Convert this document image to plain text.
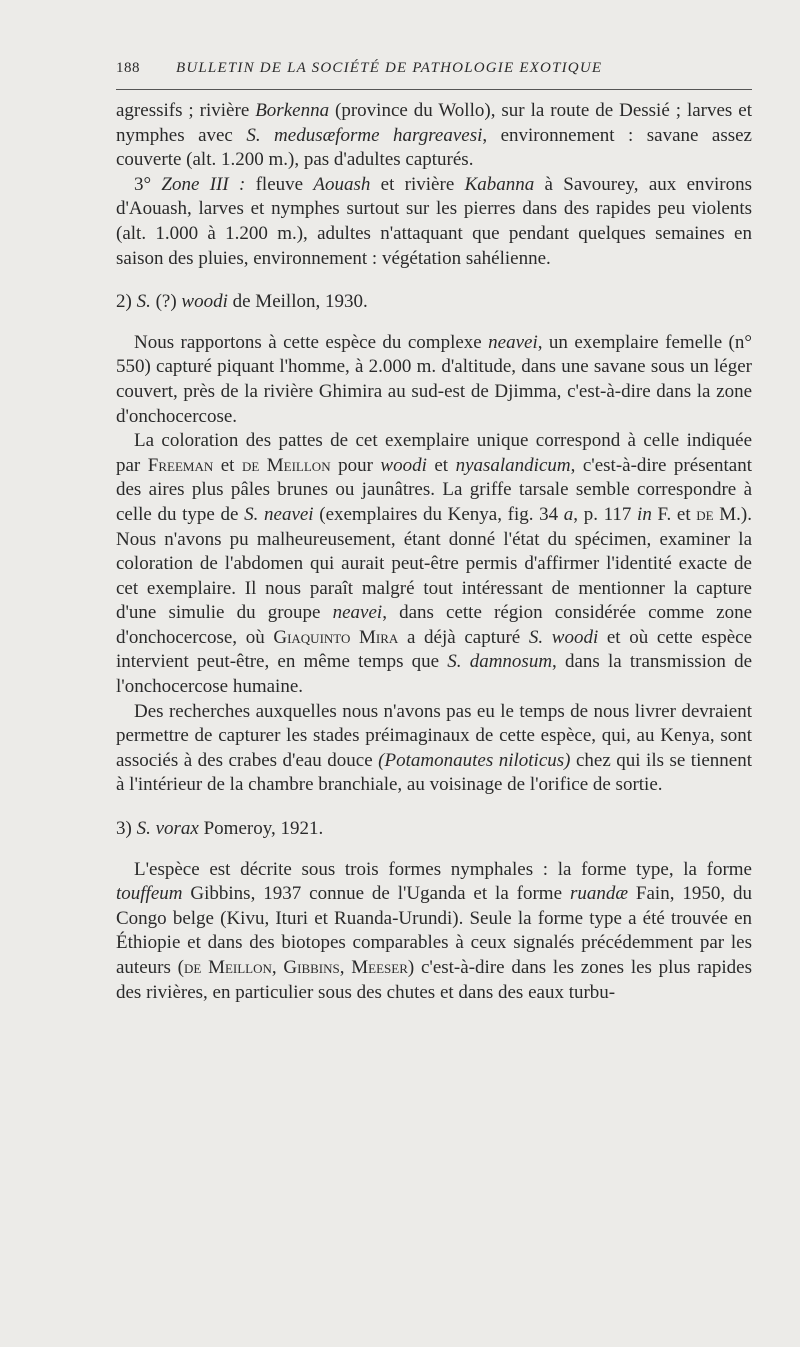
188	BULLETIN DE LA SOCIÉTÉ DE PATHOLOGIE EXOTIQUE

agressifs ; rivière Borkenna (province du Wollo), sur la route de Dessié ; larves et nymphes avec S. medusæforme hargreavesi, environnement : savane assez couverte (alt. 1.200 m.), pas d'adultes capturés.

3° Zone III : fleuve Aouash et rivière Kabanna à Savourey, aux environs d'Aouash, larves et nymphes surtout sur les pierres dans des rapides peu violents (alt. 1.000 à 1.200 m.), adultes n'attaquant que pendant quelques semaines en saison des pluies, environnement : végétation sahélienne.

2) S. (?) woodi de Meillon, 1930.

Nous rapportons à cette espèce du complexe neavei, un exemplaire femelle (n° 550) capturé piquant l'homme, à 2.000 m. d'altitude, dans une savane sous un léger couvert, près de la rivière Ghimira au sud-est de Djimma, c'est-à-dire dans la zone d'onchocercose.

La coloration des pattes de cet exemplaire unique correspond à celle indiquée par Freeman et de Meillon pour woodi et nyasalandicum, c'est-à-dire présentant des aires plus pâles brunes ou jaunâtres. La griffe tarsale semble correspondre à celle du type de S. neavei (exemplaires du Kenya, fig. 34 a, p. 117 in F. et de M.). Nous n'avons pu malheureusement, étant donné l'état du spécimen, examiner la coloration de l'abdomen qui aurait peut-être permis d'affirmer l'identité exacte de cet exemplaire. Il nous paraît malgré tout intéressant de mentionner la capture d'une simulie du groupe neavei, dans cette région considérée comme zone d'onchocercose, où Giaquinto Mira a déjà capturé S. woodi et où cette espèce intervient peut-être, en même temps que S. damnosum, dans la transmission de l'onchocercose humaine.

Des recherches auxquelles nous n'avons pas eu le temps de nous livrer devraient permettre de capturer les stades préimaginaux de cette espèce, qui, au Kenya, sont associés à des crabes d'eau douce (Potamonautes niloticus) chez qui ils se tiennent à l'intérieur de la chambre branchiale, au voisinage de l'orifice de sortie.

3) S. vorax Pomeroy, 1921.

L'espèce est décrite sous trois formes nymphales : la forme type, la forme touffeum Gibbins, 1937 connue de l'Uganda et la forme ruandæ Fain, 1950, du Congo belge (Kivu, Ituri et Ruanda-Urundi). Seule la forme type a été trouvée en Éthiopie et dans des biotopes comparables à ceux signalés précédemment par les auteurs (de Meillon, Gibbins, Meeser) c'est-à-dire dans les zones les plus rapides des rivières, en particulier sous des chutes et dans des eaux turbu-
